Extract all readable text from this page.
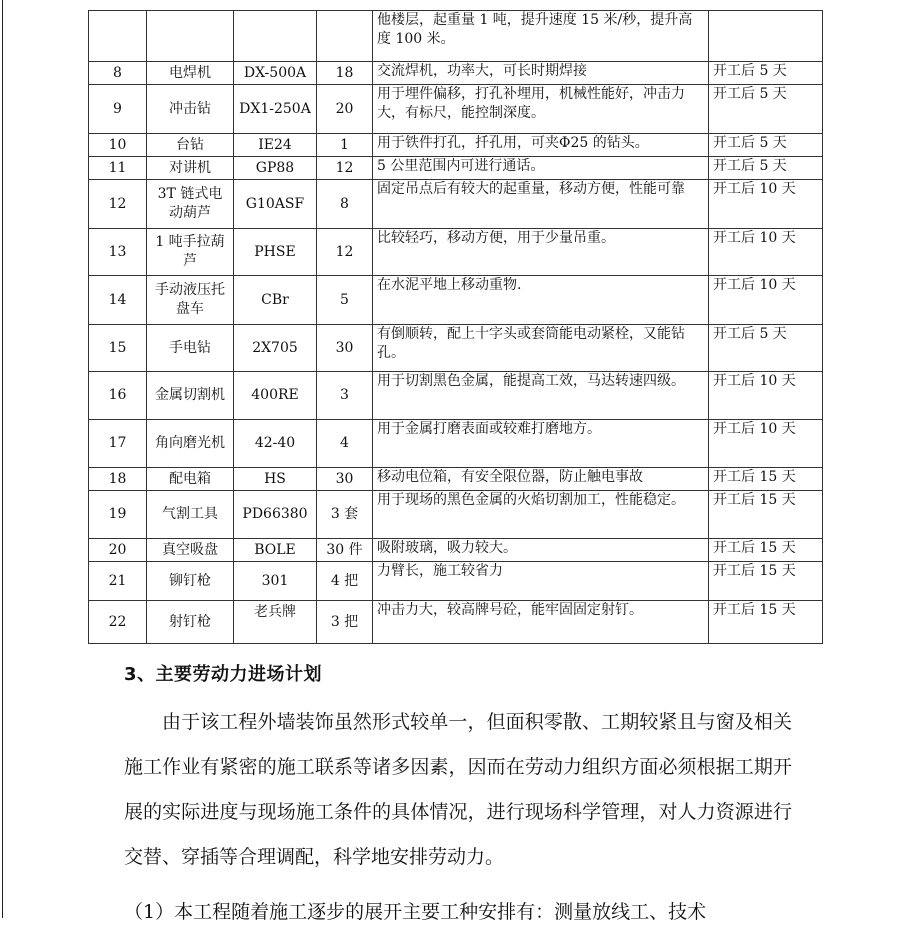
				他楼层，起重量 1 吨，提升速度 15 米/秒，提升高度 100 米。	
8	电焊机	DX-500A	18	交流焊机，功率大，可长时期焊接	开工后 5 天
9	冲击钻	DX1-250A	20	用于埋件偏移，打孔补埋用，机械性能好，冲击力大，有标尺，能控制深度。	开工后 5 天
10	台钻	IE24	1	用于铁件打孔，扦孔用，可夹Φ25 的钻头。	开工后 5 天
11	对讲机	GP88	12	5 公里范围内可进行通话。	开工后 5 天
12	3T 链式电动葫芦	G10ASF	8	固定吊点后有较大的起重量，移动方便，性能可靠	开工后 10 天
13	1 吨手拉葫芦	PHSE	12	比较轻巧，移动方便，用于少量吊重。	开工后 10 天
14	手动液压托盘车	CBr	5	在水泥平地上移动重物.	开工后 10 天
15	手电钻	2X705	30	有倒顺转，配上十字头或套筒能电动紧栓，又能钻孔。	开工后 5 天
16	金属切割机	400RE	3	用于切割黑色金属，能提高工效，马达转速四级。	开工后 10 天
17	角向磨光机	42-40	4	用于金属打磨表面或较难打磨地方。	开工后 10 天
18	配电箱	HS	30	移动电位箱，有安全限位器，防止触电事故	开工后 15 天
19	气割工具	PD66380	3 套	用于现场的黑色金属的火焰切割加工，性能稳定。	开工后 15 天
20	真空吸盘	BOLE	30 件	吸附玻璃，吸力较大。	开工后 15 天
21	铆钉枪	301	4 把	力臂长，施工较省力	开工后 15 天
22	射钉枪	老兵牌	3 把	冲击力大，较高牌号砼，能牢固固定射钉。	开工后 15 天
3、主要劳动力进场计划

由于该工程外墙装饰虽然形式较单一，但面积零散、工期较紧且与窗及相关施工作业有紧密的施工联系等诸多因素，因而在劳动力组织方面必须根据工期开展的实际进度与现场施工条件的具体情况，进行现场科学管理，对人力资源进行交替、穿插等合理调配，科学地安排劳动力。

（1）本工程随着施工逐步的展开主要工种安排有：测量放线工、技术
